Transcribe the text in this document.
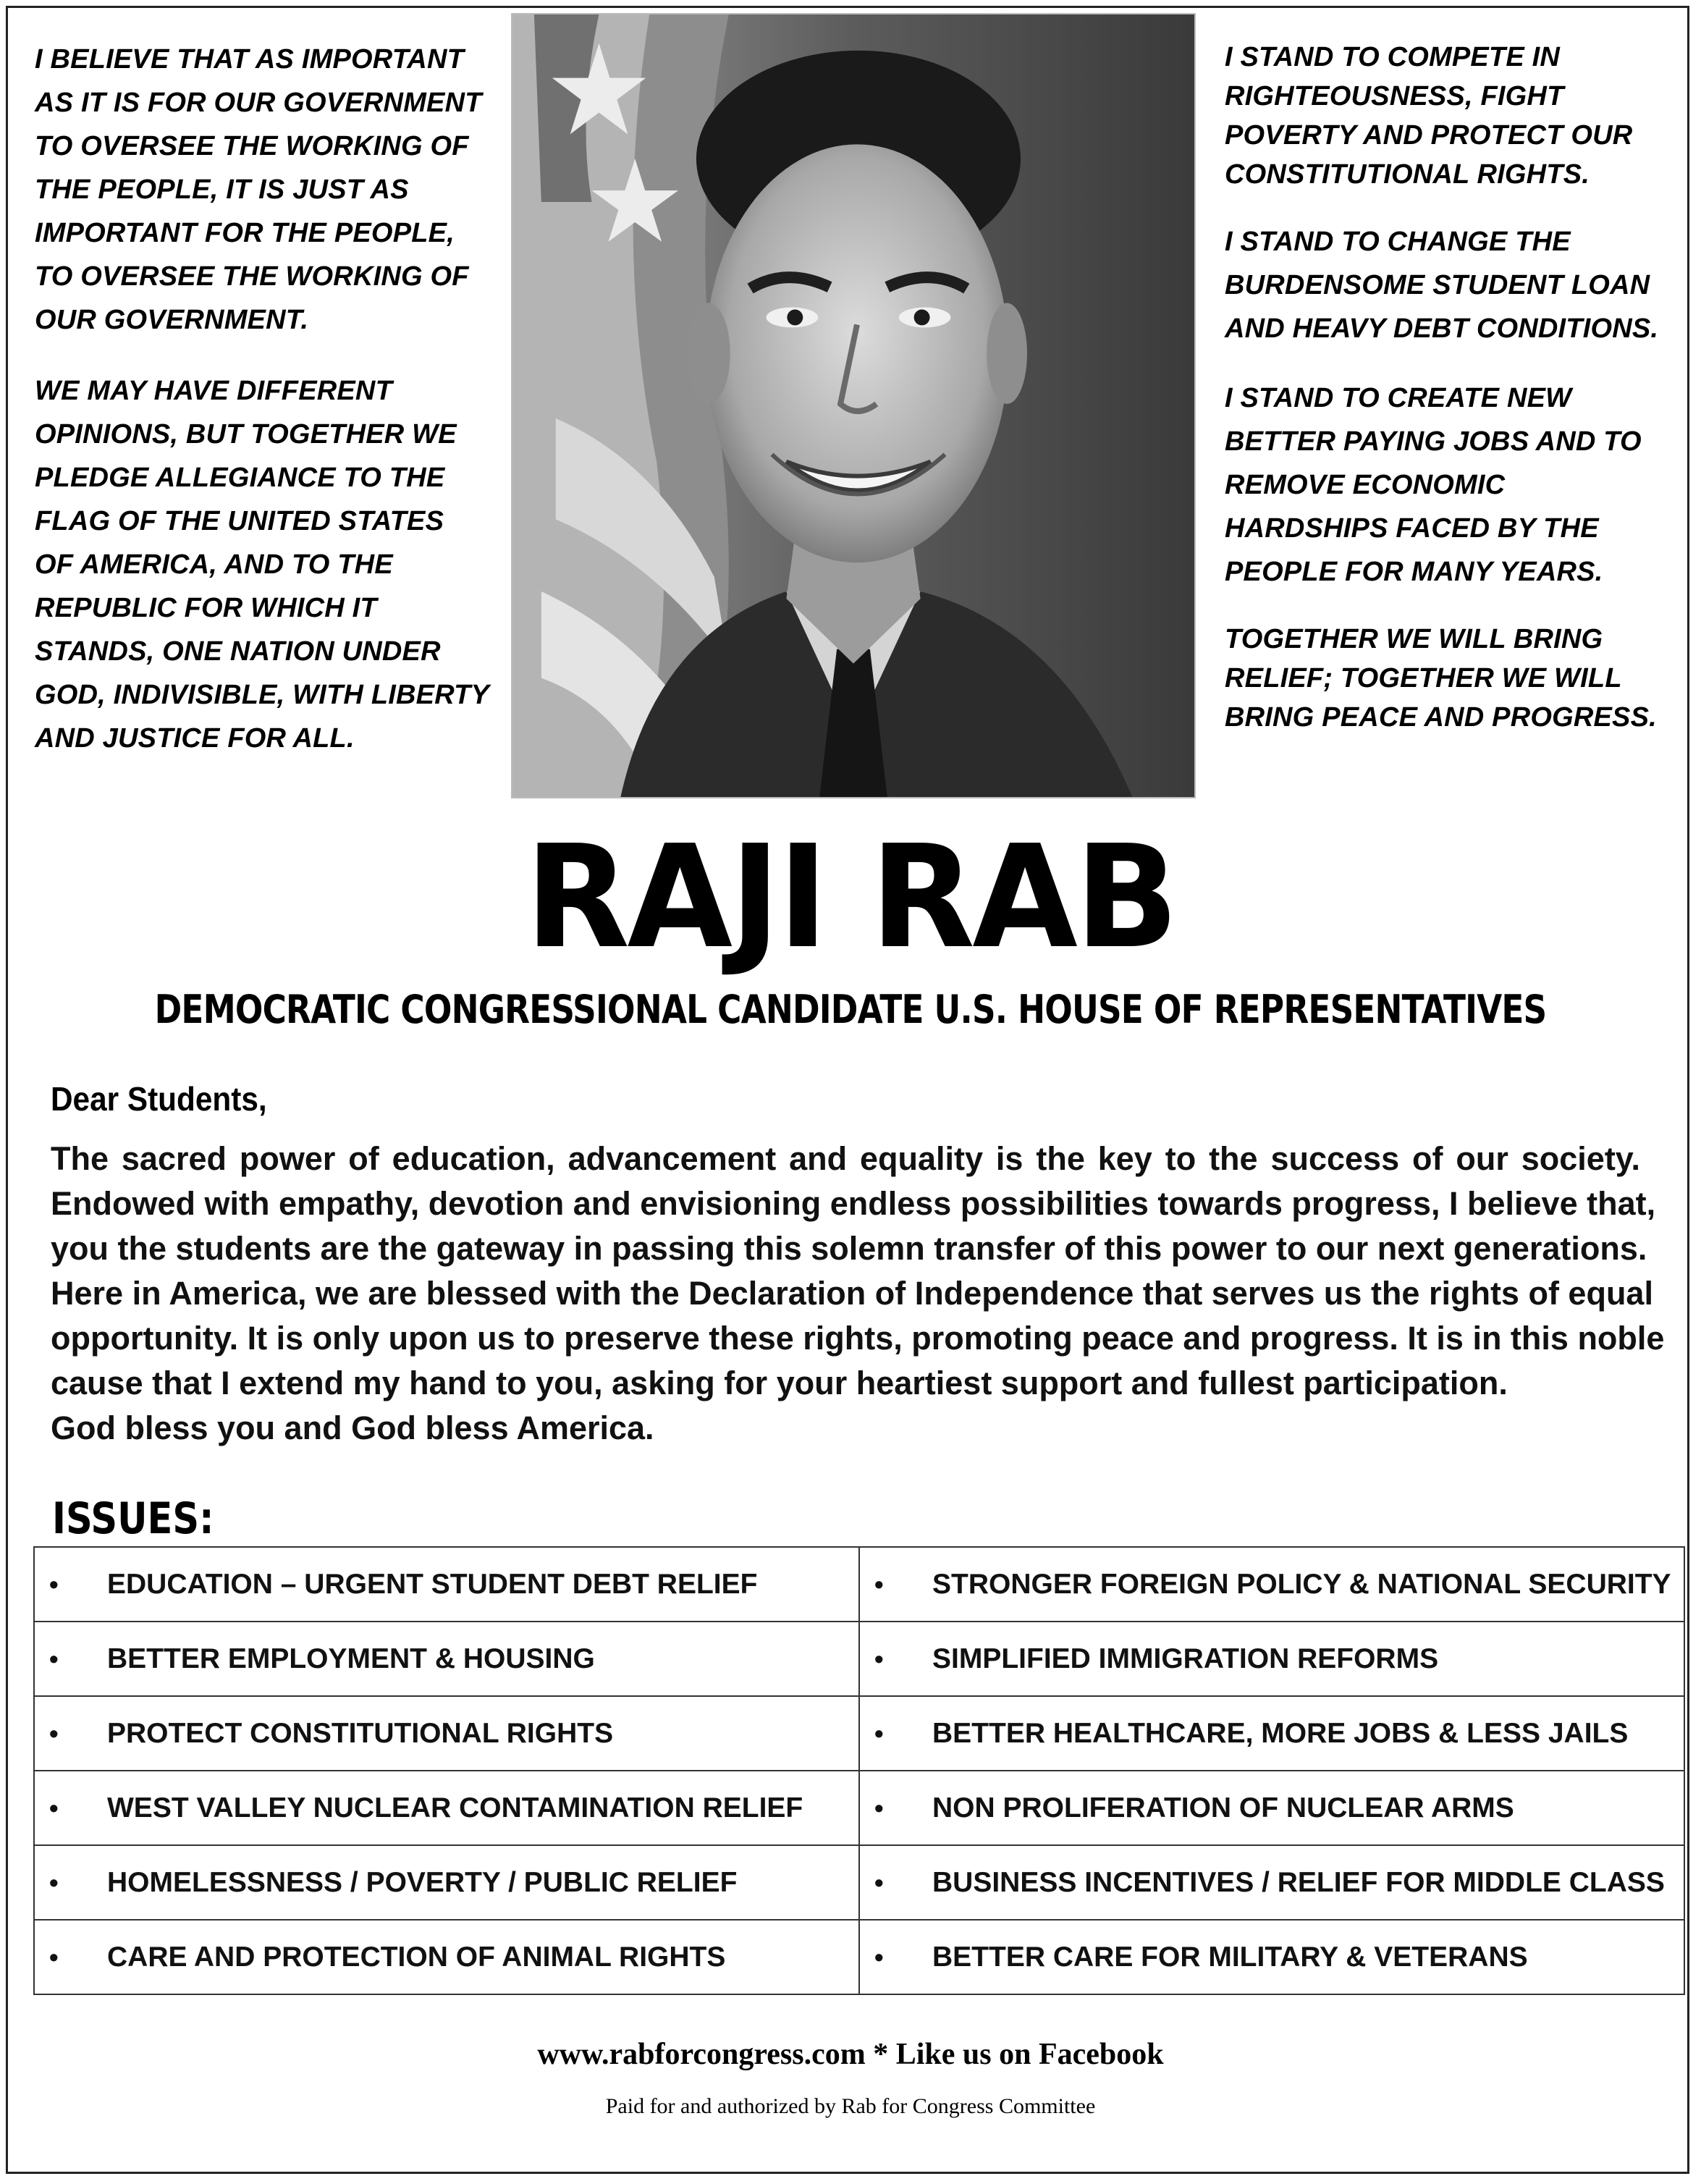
I BELIEVE THAT AS IMPORTANT
AS IT IS FOR OUR GOVERNMENT
TO OVERSEE THE WORKING OF
THE PEOPLE, IT IS JUST AS
IMPORTANT FOR THE PEOPLE,
TO OVERSEE THE WORKING OF
OUR GOVERNMENT.

WE MAY HAVE DIFFERENT
OPINIONS, BUT TOGETHER WE
PLEDGE ALLEGIANCE TO THE
FLAG OF THE UNITED STATES
OF AMERICA, AND TO THE
REPUBLIC FOR WHICH IT
STANDS, ONE NATION UNDER
GOD, INDIVISIBLE, WITH LIBERTY
AND JUSTICE FOR ALL.

I STAND TO COMPETE IN
RIGHTEOUSNESS, FIGHT
POVERTY AND PROTECT OUR
CONSTITUTIONAL RIGHTS.

I STAND TO CHANGE THE
BURDENSOME STUDENT LOAN
AND HEAVY DEBT CONDITIONS.

I STAND TO CREATE NEW
BETTER PAYING JOBS AND TO
REMOVE ECONOMIC
HARDSHIPS FACED BY THE
PEOPLE FOR MANY YEARS.

TOGETHER WE WILL BRING
RELIEF; TOGETHER WE WILL
BRING PEACE AND PROGRESS.

RAJI RAB
DEMOCRATIC CONGRESSIONAL CANDIDATE U.S. HOUSE OF REPRESENTATIVES
Dear Students,
The sacred power of education, advancement and equality is the key to the success of our society.
Endowed with empathy, devotion and envisioning endless possibilities towards progress, I believe that,
you the students are the gateway in passing this solemn transfer of this power to our next generations.
Here in America, we are blessed with the Declaration of Independence that serves us the rights of equal
opportunity. It is only upon us to preserve these rights, promoting peace and progress. It is in this noble
cause that I extend my hand to you, asking for your heartiest support and fullest participation.
God bless you and God bless America.
ISSUES:
• EDUCATION – URGENT STUDENT DEBT RELIEF	• STRONGER FOREIGN POLICY & NATIONAL SECURITY
• BETTER EMPLOYMENT & HOUSING	• SIMPLIFIED IMMIGRATION REFORMS
• PROTECT CONSTITUTIONAL RIGHTS	• BETTER HEALTHCARE, MORE JOBS & LESS JAILS
• WEST VALLEY NUCLEAR CONTAMINATION RELIEF	• NON PROLIFERATION OF NUCLEAR ARMS
• HOMELESSNESS / POVERTY / PUBLIC RELIEF	• BUSINESS INCENTIVES / RELIEF FOR MIDDLE CLASS
• CARE AND PROTECTION OF ANIMAL RIGHTS	• BETTER CARE FOR MILITARY & VETERANS
www.rabforcongress.com * Like us on Facebook
Paid for and authorized by Rab for Congress Committee
